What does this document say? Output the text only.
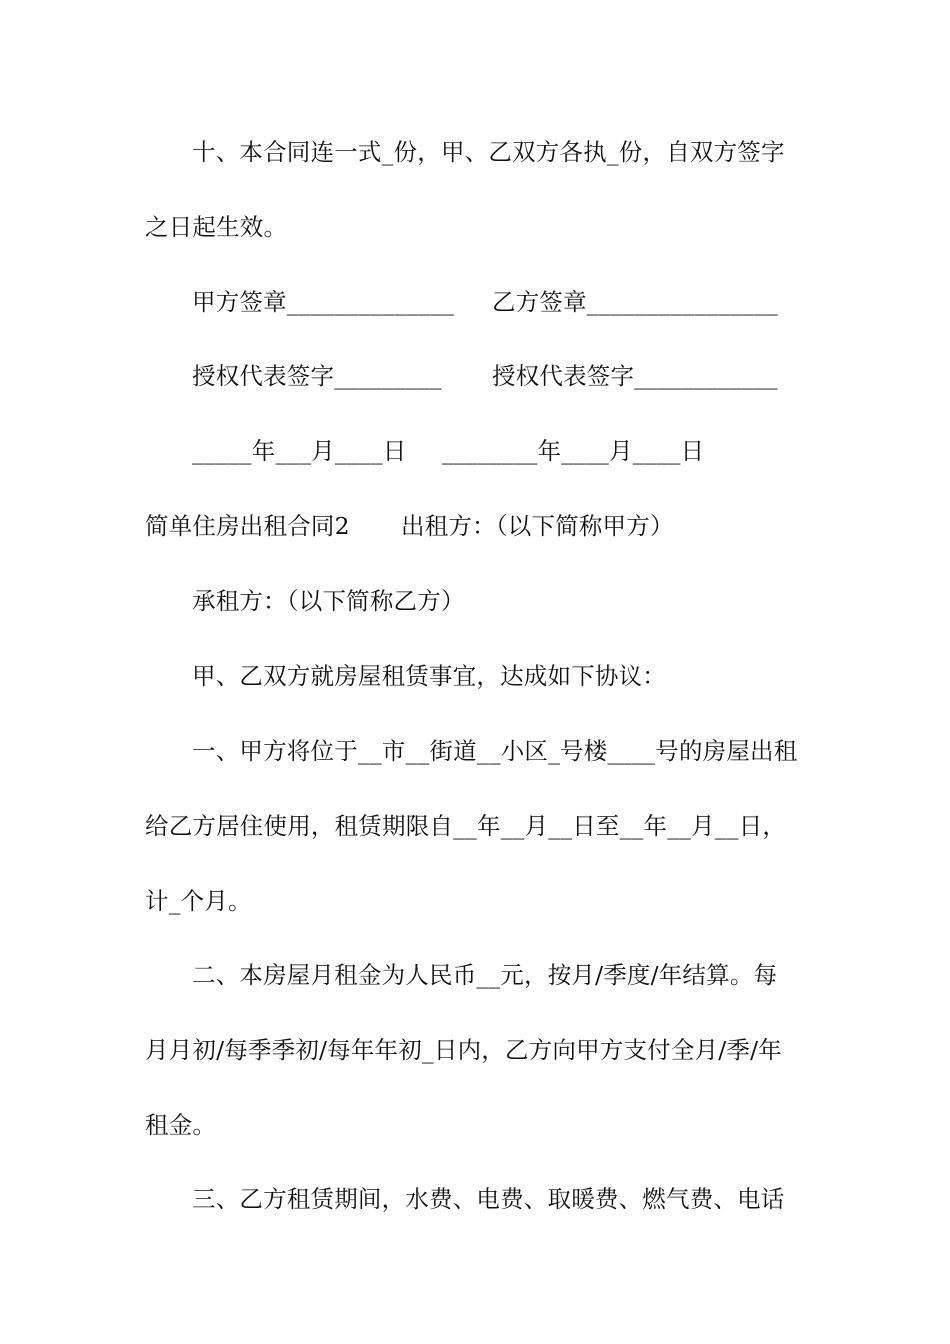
十、本合同连一式_份，甲、乙双方各执_份，自双方签字
之日起生效。
甲方签章______________ 乙方签章________________
授权代表签字_________ 授权代表签字____________
_____年___月____日 ________年____月____日
简单住房出租合同2 出租方：（以下简称甲方）
承租方：（以下简称乙方）
甲、乙双方就房屋租赁事宜，达成如下协议：
一、甲方将位于__市__街道__小区_号楼____号的房屋出租
给乙方居住使用，租赁期限自__年__月__日至__年__月__日，
计_个月。
二、本房屋月租金为人民币__元，按月/季度/年结算。每
月月初/每季季初/每年年初_日内，乙方向甲方支付全月/季/年
租金。
三、乙方租赁期间，水费、电费、取暖费、燃气费、电话
